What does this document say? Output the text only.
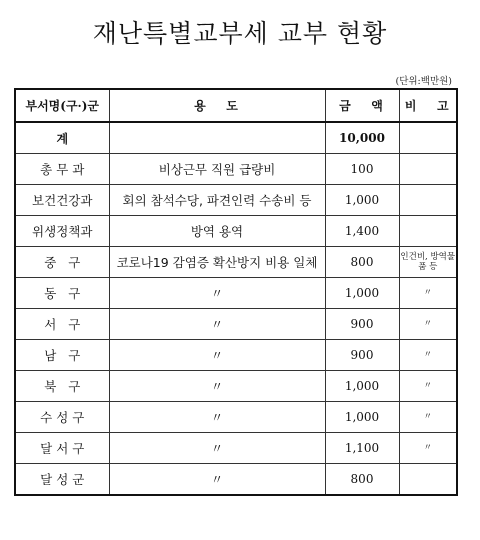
재난특별교부세 교부 현황
(단위:백만원)
부서명(구·)군	용   도	금   액	비   고
계		10,000	
총 무 과	비상근무 직원 급량비	100	
보건건강과	회의 참석수당, 파견인력 수송비 등	1,000	
위생정책과	방역 용역	1,400	
중   구	코로나19 감염증 확산방지 비용 일체	800	인건비, 방역물품 등
동   구	〃	1,000	〃
서   구	〃	900	〃
남   구	〃	900	〃
북   구	〃	1,000	〃
수 성 구	〃	1,000	〃
달 서 구	〃	1,100	〃
달 성 군	〃	800	
